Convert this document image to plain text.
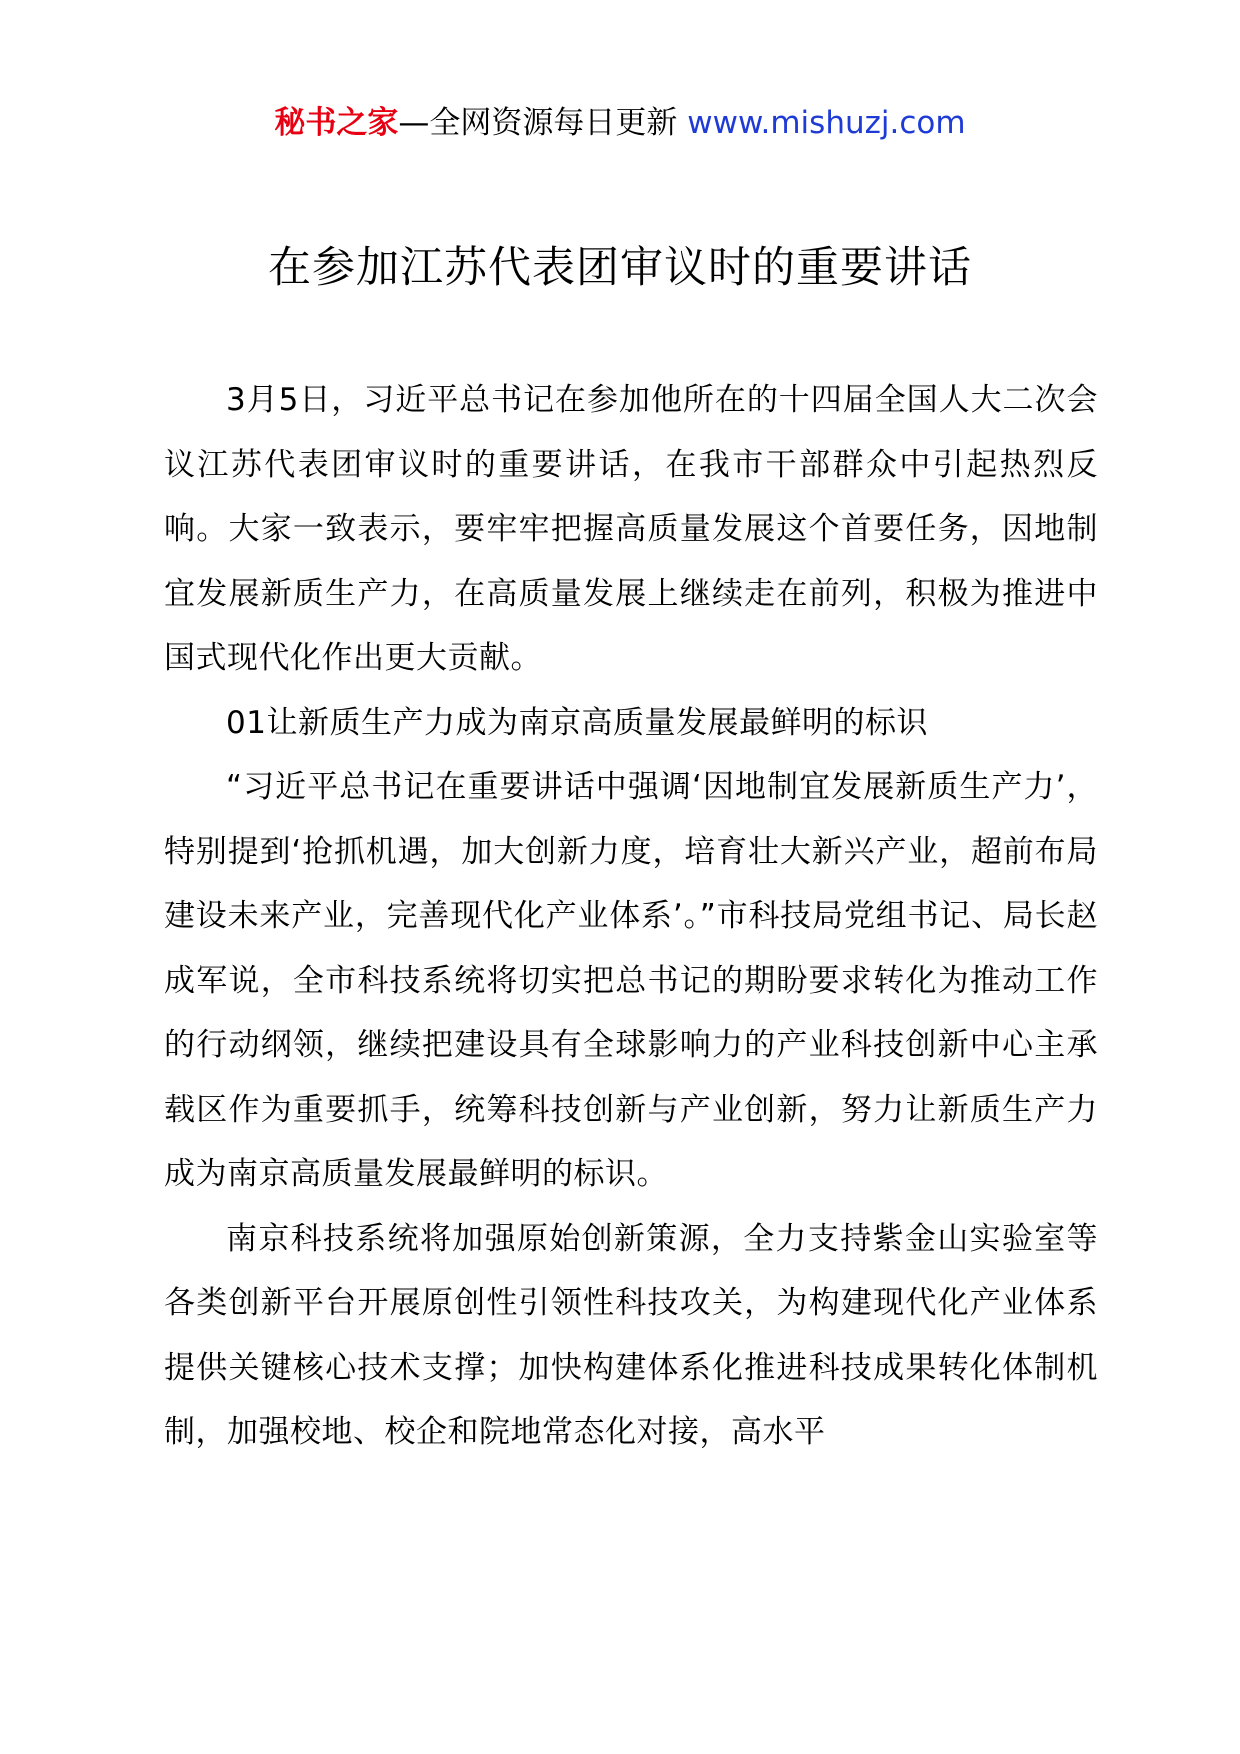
秘书之家—全网资源每日更新 www.mishuzj.com
在参加江苏代表团审议时的重要讲话

3月5日，习近平总书记在参加他所在的十四届全国人大二次会议江苏代表团审议时的重要讲话，在我市干部群众中引起热烈反响。大家一致表示，要牢牢把握高质量发展这个首要任务，因地制宜发展新质生产力，在高质量发展上继续走在前列，积极为推进中国式现代化作出更大贡献。

01让新质生产力成为南京高质量发展最鲜明的标识

“习近平总书记在重要讲话中强调‘因地制宜发展新质生产力’，特别提到‘抢抓机遇，加大创新力度，培育壮大新兴产业，超前布局建设未来产业，完善现代化产业体系’。”市科技局党组书记、局长赵成军说，全市科技系统将切实把总书记的期盼要求转化为推动工作的行动纲领，继续把建设具有全球影响力的产业科技创新中心主承载区作为重要抓手，统筹科技创新与产业创新，努力让新质生产力成为南京高质量发展最鲜明的标识。

南京科技系统将加强原始创新策源，全力支持紫金山实验室等各类创新平台开展原创性引领性科技攻关，为构建现代化产业体系提供关键核心技术支撑；加快构建体系化推进科技成果转化体制机制，加强校地、校企和院地常态化对接，高水平
